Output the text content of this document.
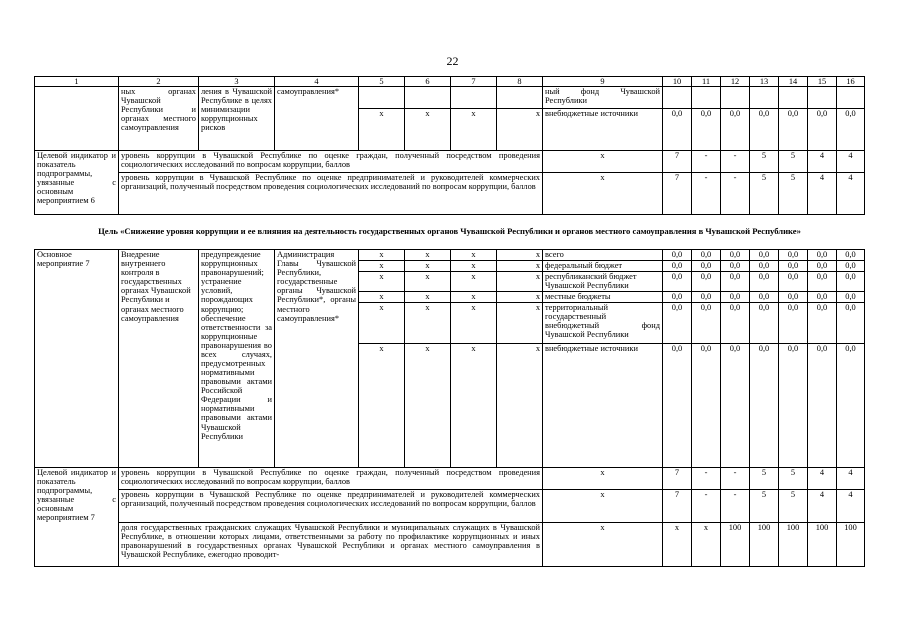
22
1	2	3	4	5	6	7	8	9	10	11	12	13	14	15	16
	ных органах Чувашской Республики и органах местного самоуправления	ления в Чувашской Республике в целях минимизации коррупционных рисков	самоуправления*					ный фонд Чувашской Республики							
				x	x	x	x	внебюджетные источники	0,0	0,0	0,0	0,0	0,0	0,0	0,0
Целевой индикатор и показатель подпрограммы, увязанные с основным мероприятием 6	уровень коррупции в Чувашской Республике по оценке граждан, полученный посредством проведения социологических исследований по вопросам коррупции, баллов							x	7	-	-	5	5	4	4
	уровень коррупции в Чувашской Республике по оценке предпринимателей и руководителей коммерческих организаций, полученный посредством проведения социологических исследований по вопросам коррупции, баллов							x	7	-	-	5	5	4	4
Цель «Снижение уровня коррупции и ее влияния на деятельность государственных органов Чувашской Республики и органов местного самоуправления в Чувашской Республике»															
Основное мероприятие 7	Внедрение внутреннего контроля в государственных органах Чувашской Республики и органах местного самоуправления	предупреждение коррупционных правонарушений; устранение условий, порождающих коррупцию; обеспечение ответственности за коррупционные правонарушения во всех случаях, предусмотренных нормативными правовыми актами Российской Федерации и нормативными правовыми актами Чувашской Республики	Администрация Главы Чувашской Республики, государственные органы Чувашской Республики*, органы местного самоуправления*	x	x	x	x	всего	0,0	0,0	0,0	0,0	0,0	0,0	0,0
				x	x	x	x	федеральный бюджет	0,0	0,0	0,0	0,0	0,0	0,0	0,0
				x	x	x	x	республиканский бюджет Чувашской Республики	0,0	0,0	0,0	0,0	0,0	0,0	0,0
				x	x	x	x	местные бюджеты	0,0	0,0	0,0	0,0	0,0	0,0	0,0
				x	x	x	x	территориальный государственный внебюджетный фонд Чувашской Республики	0,0	0,0	0,0	0,0	0,0	0,0	0,0
				x	x	x	x	внебюджетные источники	0,0	0,0	0,0	0,0	0,0	0,0	0,0
Целевой индикатор и показатель подпрограммы, увязанные с основным мероприятием 7	уровень коррупции в Чувашской Республике по оценке граждан, полученный посредством проведения социологических исследований по вопросам коррупции, баллов							x	7	-	-	5	5	4	4
	уровень коррупции в Чувашской Республике по оценке предпринимателей и руководителей коммерческих организаций, полученный посредством проведения социологических исследований по вопросам коррупции, баллов							x	7	-	-	5	5	4	4
	доля государственных гражданских служащих Чувашской Республики и муниципальных служащих в Чувашской Республике, в отношении которых лицами, ответственными за работу по профилактике коррупционных и иных правонарушений в государственных органах Чувашской Республики и органах местного самоуправления в Чувашской Республике, ежегодно проводит-							x	x	x	100	100	100	100	100
